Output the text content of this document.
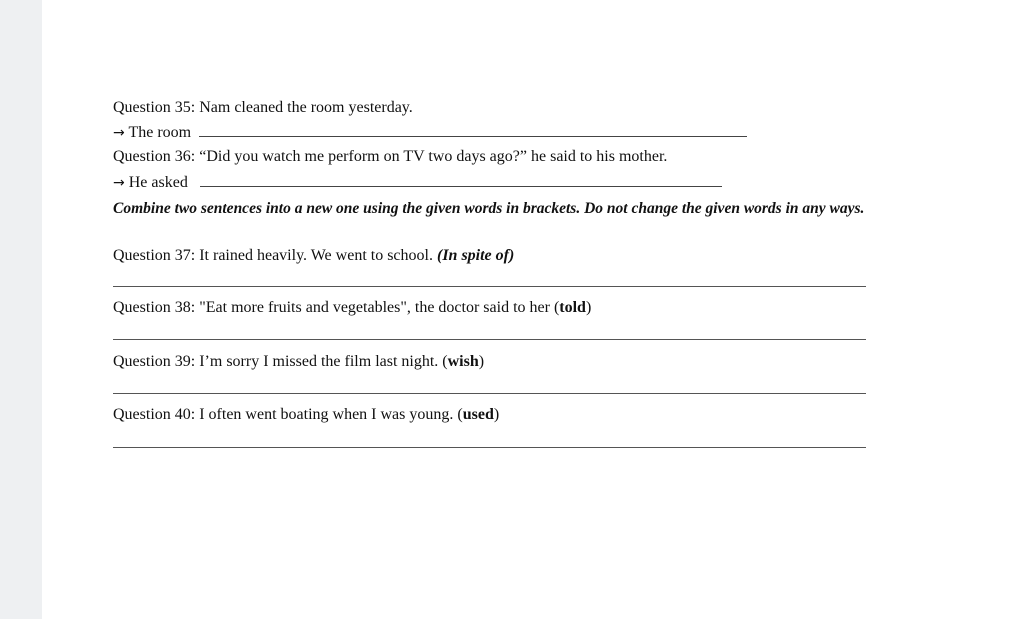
Question 35: Nam cleaned the room yesterday.
→ The room
Question 36: “Did you watch me perform on TV two days ago?” he said to his mother.
→ He asked
Combine two sentences into a new one using the given words in brackets. Do not change the given words in any ways.
Question 37: It rained heavily. We went to school. (In spite of)
Question 38: "Eat more fruits and vegetables", the doctor said to her (told)
Question 39: I’m sorry I missed the film last night. (wish)
Question 40: I often went boating when I was young. (used)
